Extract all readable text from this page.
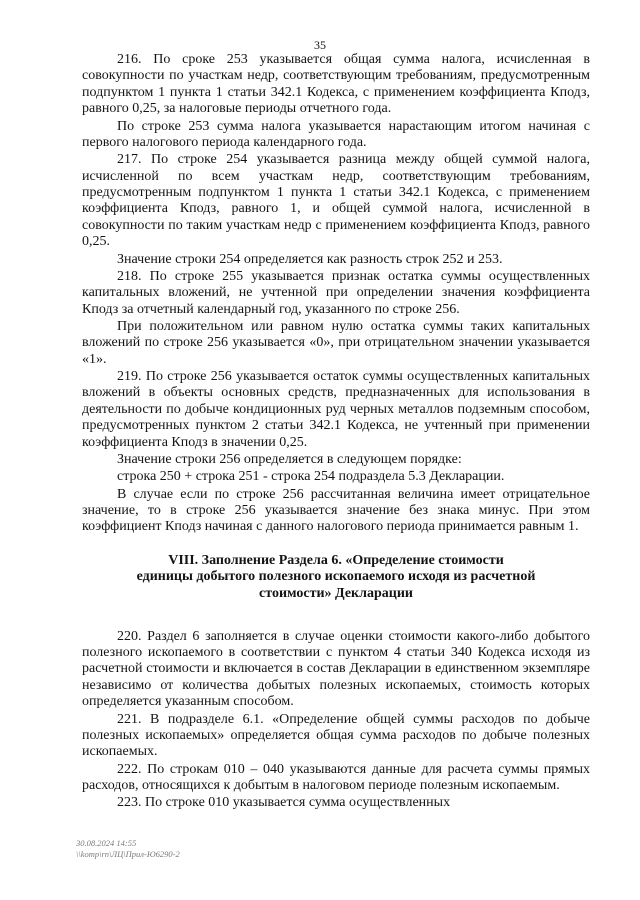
35

216. По сроке 253 указывается общая сумма налога, исчисленная в совокупности по участкам недр, соответствующим требованиям, предусмотренным подпунктом 1 пункта 1 статьи 342.1 Кодекса, с применением коэффициента Кподз, равного 0,25, за налоговые периоды отчетного года.

По строке 253 сумма налога указывается нарастающим итогом начиная с первого налогового периода календарного года.

217. По строке 254 указывается разница между общей суммой налога, исчисленной по всем участкам недр, соответствующим требованиям, предусмотренным подпунктом 1 пункта 1 статьи 342.1 Кодекса, с применением коэффициента Кподз, равного 1, и общей суммой налога, исчисленной в совокупности по таким участкам недр с применением коэффициента Кподз, равного 0,25.

Значение строки 254 определяется как разность строк 252 и 253.

218. По строке 255 указывается признак остатка суммы осуществленных капитальных вложений, не учтенной при определении значения коэффициента Кподз за отчетный календарный год, указанного по строке 256.

При положительном или равном нулю остатка суммы таких капитальных вложений по строке 256 указывается «0», при отрицательном значении указывается «1».

219. По строке 256 указывается остаток суммы осуществленных капитальных вложений в объекты основных средств, предназначенных для использования в деятельности по добыче кондиционных руд черных металлов подземным способом, предусмотренных пунктом 2 статьи 342.1 Кодекса, не учтенный при применении коэффициента Кподз в значении 0,25.

Значение строки 256 определяется в следующем порядке:

строка 250 + строка 251 - строка 254 подраздела 5.3 Декларации.

В случае если по строке 256 рассчитанная величина имеет отрицательное значение, то в строке 256 указывается значение без знака минус. При этом коэффициент Кподз начиная с данного налогового периода принимается равным 1.

VIII. Заполнение Раздела 6. «Определение стоимости
единицы добытого полезного ископаемого исходя из расчетной
стоимости» Декларации

220. Раздел 6 заполняется в случае оценки стоимости какого-либо добытого полезного ископаемого в соответствии с пунктом 4 статьи 340 Кодекса исходя из расчетной стоимости и включается в состав Декларации в единственном экземпляре независимо от количества добытых полезных ископаемых, стоимость которых определяется указанным способом.

221. В подразделе 6.1. «Определение общей суммы расходов по добыче полезных ископаемых» определяется общая сумма расходов по добыче полезных ископаемых.

222. По строкам 010 – 040 указываются данные для расчета суммы прямых расходов, относящихся к добытым в налоговом периоде полезным ископаемым.

223. По строке 010 указывается сумма осуществленных

30.08.2024 14:55
\\komp\rn\ЛЦ\Прил-Ю6290-2
